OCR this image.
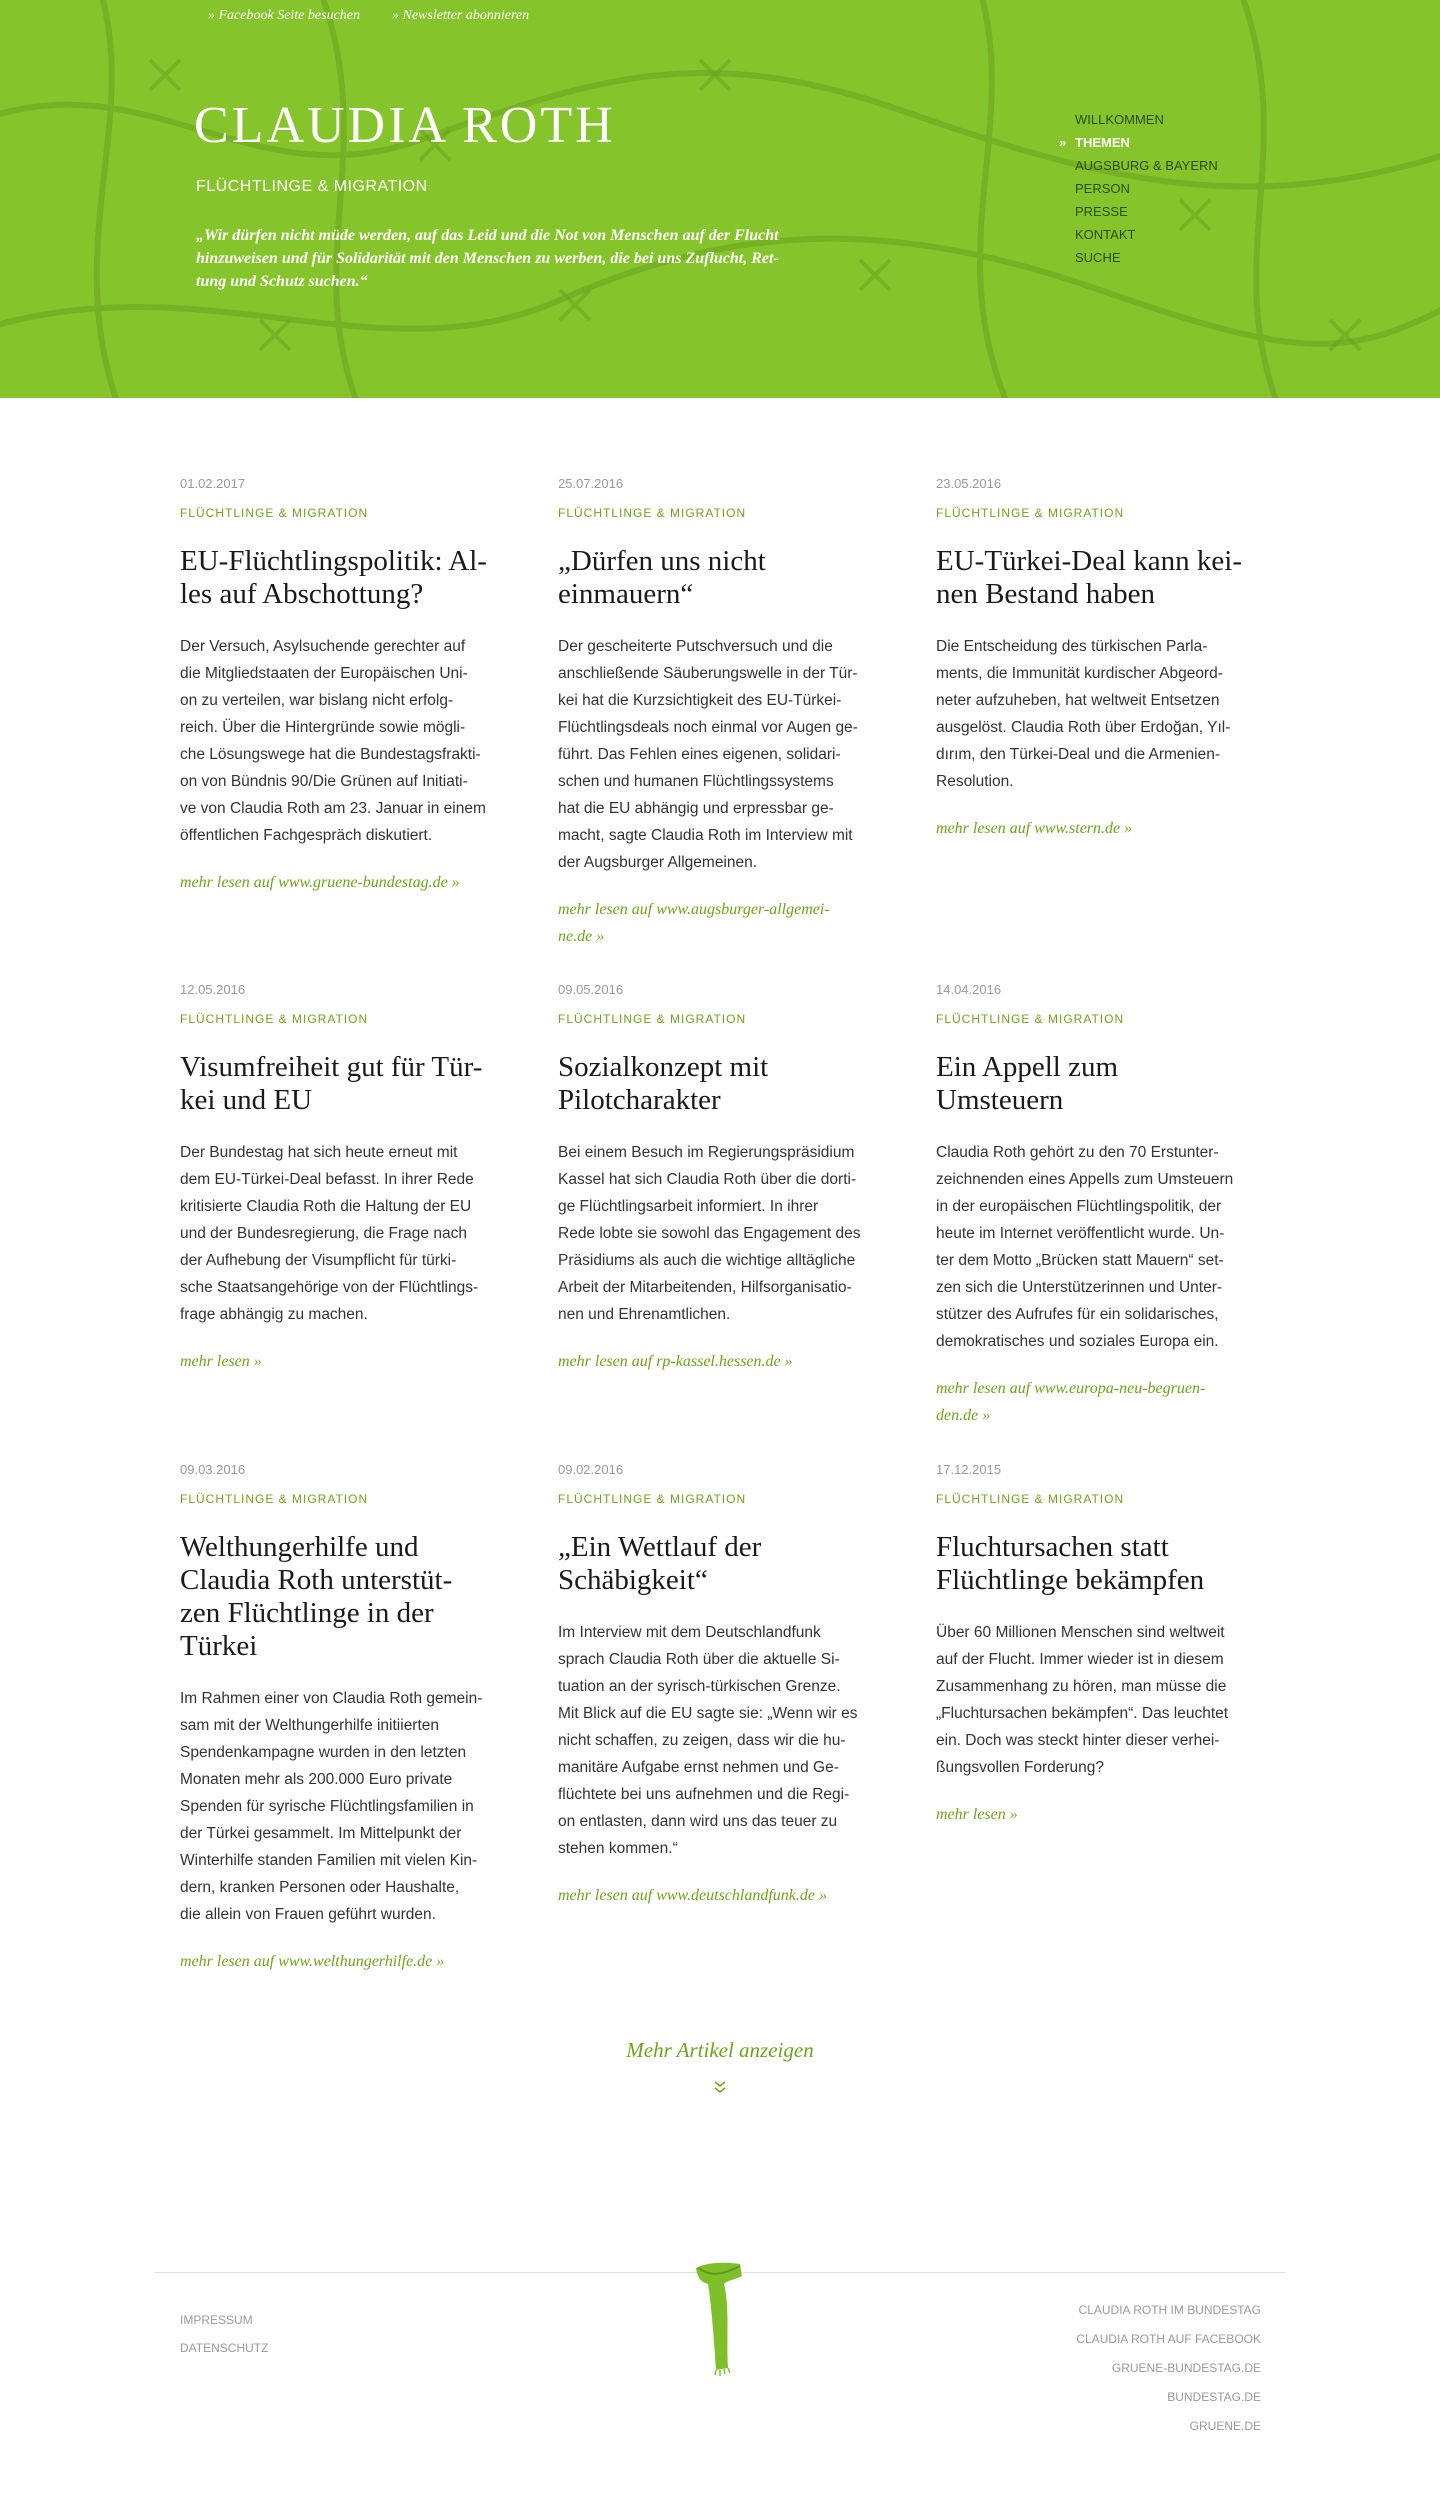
» Facebook Seite besuchen » Newsletter abonnieren
CLAUDIA ROTH
FLÜCHTLINGE & MIGRATION
„Wir dürfen nicht müde werden, auf das Leid und die Not von Menschen auf der Flucht
hinzuweisen und für Solidarität mit den Menschen zu werben, die bei uns Zuflucht, Ret-
tung und Schutz suchen.“
WILLKOMMEN
» THEMEN
AUGSBURG & BAYERN
PERSON
PRESSE
KONTAKT
SUCHE
01.02.2017
FLÜCHTLINGE & MIGRATION
EU-Flüchtlingspolitik: Al-
les auf Abschottung?

Der Versuch, Asylsuchende gerechter auf
die Mitgliedstaaten der Europäischen Uni-
on zu verteilen, war bislang nicht erfolg-
reich. Über die Hintergründe sowie mögli-
che Lösungswege hat die Bundestagsfrakti-
on von Bündnis 90/Die Grünen auf Initiati-
ve von Claudia Roth am 23. Januar in einem
öffentlichen Fachgespräch diskutiert.

mehr lesen auf www.gruene-bundestag.de »
25.07.2016
FLÜCHTLINGE & MIGRATION
„Dürfen uns nicht
einmauern“

Der gescheiterte Putschversuch und die
anschließende Säuberungswelle in der Tür-
kei hat die Kurzsichtigkeit des EU-Türkei-
Flüchtlingsdeals noch einmal vor Augen ge-
führt. Das Fehlen eines eigenen, solidari-
schen und humanen Flüchtlingssystems
hat die EU abhängig und erpressbar ge-
macht, sagte Claudia Roth im Interview mit
der Augsburger Allgemeinen.

mehr lesen auf www.augsburger-allgemei-
ne.de »
23.05.2016
FLÜCHTLINGE & MIGRATION
EU-Türkei-Deal kann kei-
nen Bestand haben

Die Entscheidung des türkischen Parla-
ments, die Immunität kurdischer Abgeord-
neter aufzuheben, hat weltweit Entsetzen
ausgelöst. Claudia Roth über Erdoğan, Yıl-
dırım, den Türkei-Deal und die Armenien-
Resolution.

mehr lesen auf www.stern.de »
12.05.2016
FLÜCHTLINGE & MIGRATION
Visumfreiheit gut für Tür-
kei und EU

Der Bundestag hat sich heute erneut mit
dem EU-Türkei-Deal befasst. In ihrer Rede
kritisierte Claudia Roth die Haltung der EU
und der Bundesregierung, die Frage nach
der Aufhebung der Visumpflicht für türki-
sche Staatsangehörige von der Flüchtlings-
frage abhängig zu machen.

mehr lesen »
09.05.2016
FLÜCHTLINGE & MIGRATION
Sozialkonzept mit
Pilotcharakter

Bei einem Besuch im Regierungspräsidium
Kassel hat sich Claudia Roth über die dorti-
ge Flüchtlingsarbeit informiert. In ihrer
Rede lobte sie sowohl das Engagement des
Präsidiums als auch die wichtige alltägliche
Arbeit der Mitarbeitenden, Hilfsorganisatio-
nen und Ehrenamtlichen.

mehr lesen auf rp-kassel.hessen.de »
14.04.2016
FLÜCHTLINGE & MIGRATION
Ein Appell zum
Umsteuern

Claudia Roth gehört zu den 70 Erstunter-
zeichnenden eines Appells zum Umsteuern
in der europäischen Flüchtlingspolitik, der
heute im Internet veröffentlicht wurde. Un-
ter dem Motto „Brücken statt Mauern“ set-
zen sich die Unterstützerinnen und Unter-
stützer des Aufrufes für ein solidarisches,
demokratisches und soziales Europa ein.

mehr lesen auf www.europa-neu-begruen-
den.de »
09.03.2016
FLÜCHTLINGE & MIGRATION
Welthungerhilfe und
Claudia Roth unterstüt-
zen Flüchtlinge in der
Türkei

Im Rahmen einer von Claudia Roth gemein-
sam mit der Welthungerhilfe initiierten
Spendenkampagne wurden in den letzten
Monaten mehr als 200.000 Euro private
Spenden für syrische Flüchtlingsfamilien in
der Türkei gesammelt. Im Mittelpunkt der
Winterhilfe standen Familien mit vielen Kin-
dern, kranken Personen oder Haushalte,
die allein von Frauen geführt wurden.

mehr lesen auf www.welthungerhilfe.de »
09.02.2016
FLÜCHTLINGE & MIGRATION
„Ein Wettlauf der
Schäbigkeit“

Im Interview mit dem Deutschlandfunk
sprach Claudia Roth über die aktuelle Si-
tuation an der syrisch-türkischen Grenze.
Mit Blick auf die EU sagte sie: „Wenn wir es
nicht schaffen, zu zeigen, dass wir die hu-
manitäre Aufgabe ernst nehmen und Ge-
flüchtete bei uns aufnehmen und die Regi-
on entlasten, dann wird uns das teuer zu
stehen kommen.“

mehr lesen auf www.deutschlandfunk.de »
17.12.2015
FLÜCHTLINGE & MIGRATION
Fluchtursachen statt
Flüchtlinge bekämpfen

Über 60 Millionen Menschen sind weltweit
auf der Flucht. Immer wieder ist in diesem
Zusammenhang zu hören, man müsse die
„Fluchtursachen bekämpfen“. Das leuchtet
ein. Doch was steckt hinter dieser verhei-
ßungsvollen Forderung?

mehr lesen »
Mehr Artikel anzeigen
IMPRESSUM
DATENSCHUTZ
CLAUDIA ROTH IM BUNDESTAG
CLAUDIA ROTH AUF FACEBOOK
GRUENE-BUNDESTAG.DE
BUNDESTAG.DE
GRUENE.DE
